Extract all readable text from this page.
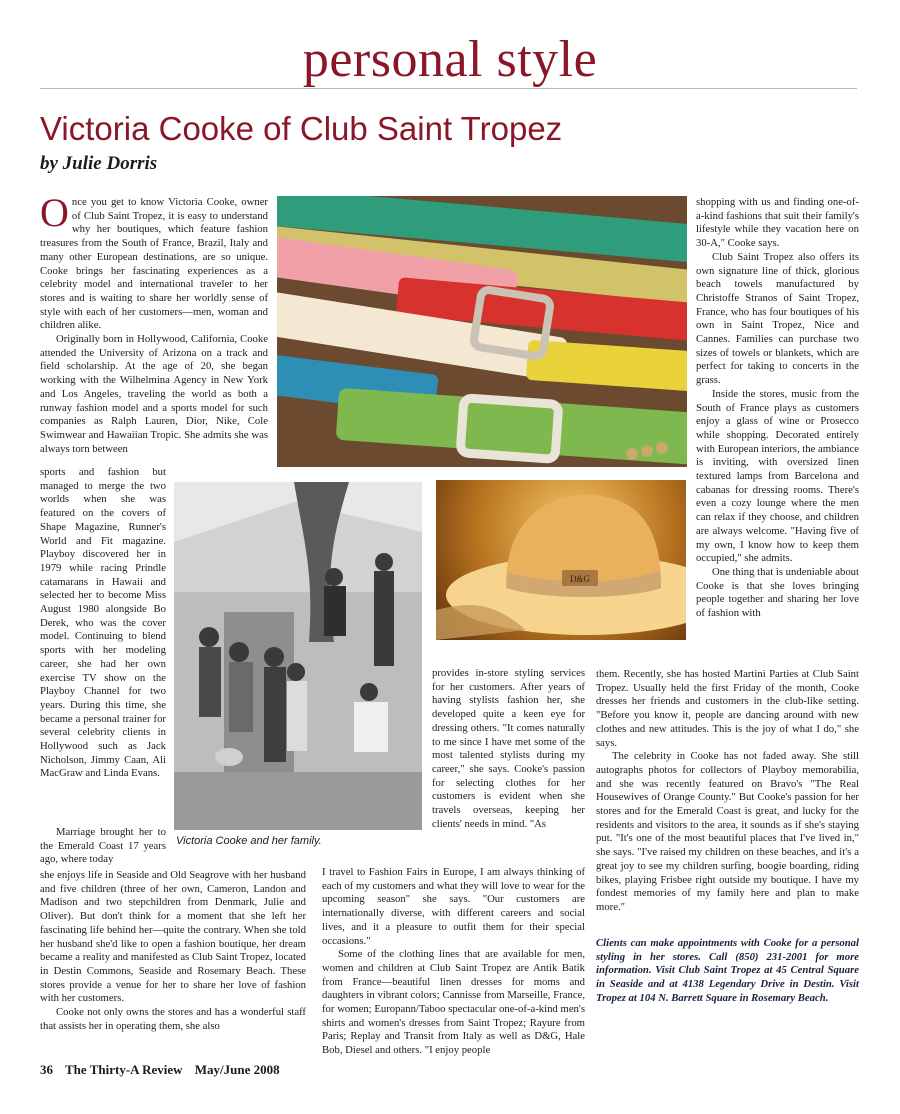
personal style
Victoria Cooke of Club Saint Tropez
by Julie Dorris

Once you get to know Victoria Cooke, owner of Club Saint Tropez, it is easy to understand why her boutiques, which feature fashion treasures from the South of France, Brazil, Italy and many other European destinations, are so unique. Cooke brings her fascinating experiences as a celebrity model and international traveler to her stores and is waiting to share her worldly sense of style with each of her customers—men, woman and children alike.

Originally born in Hollywood, California, Cooke attended the University of Arizona on a track and field scholarship. At the age of 20, she began working with the Wilhelmina Agency in New York and Los Angeles, traveling the world as both a runway fashion model and a sports model for such companies as Ralph Lauren, Dior, Nike, Cole Swimwear and Hawaiian Tropic. She admits she was always torn between

sports and fashion but managed to merge the two worlds when she was featured on the covers of Shape Magazine, Runner's World and Fit magazine. Playboy discovered her in 1979 while racing Prindle catamarans in Hawaii and selected her to become Miss August 1980 alongside Bo Derek, who was the cover model. Continuing to blend sports with her modeling career, she had her own exercise TV show on the Playboy Channel for two years. During this time, she became a personal trainer for several celebrity clients in Hollywood such as Jack Nicholson, Jimmy Caan, Ali MacGraw and Linda Evans.

Marriage brought her to the Emerald Coast 17 years ago, where today

she enjoys life in Seaside and Old Seagrove with her husband and five children (three of her own, Cameron, Landon and Madison and two stepchildren from Denmark, Julie and Oliver). But don't think for a moment that she left her fascinating life behind her—quite the contrary. When she told her husband she'd like to open a fashion boutique, her dream became a reality and manifested as Club Saint Tropez, located in Destin Commons, Seaside and Rosemary Beach. These stores provide a venue for her to share her love of fashion with her customers.

Cooke not only owns the stores and has a wonderful staff that assists her in operating them, she also

provides in-store styling services for her customers. After years of having stylists fashion her, she developed quite a keen eye for dressing others. "It comes naturally to me since I have met some of the most talented stylists during my career," she says. Cooke's passion for selecting clothes for her customers is evident when she travels overseas, keeping her clients' needs in mind. "As

I travel to Fashion Fairs in Europe, I am always thinking of each of my customers and what they will love to wear for the upcoming season" she says. "Our customers are internationally diverse, with different careers and social lives, and it a pleasure to outfit them for their special occasions."

Some of the clothing lines that are available for men, women and children at Club Saint Tropez are Antik Batik from France—beautiful linen dresses for moms and daughters in vibrant colors; Cannisse from Marseille, France, for women; Europann/Taboo spectacular one-of-a-kind men's shirts and women's dresses from Saint Tropez; Rayure from Paris; Replay and Transit from Italy as well as D&G, Hale Bob, Diesel and others. "I enjoy people

shopping with us and finding one-of-a-kind fashions that suit their family's lifestyle while they vacation here on 30-A," Cooke says.

Club Saint Tropez also offers its own signature line of thick, glorious beach towels manufactured by Christoffe Stranos of Saint Tropez, France, who has four boutiques of his own in Saint Tropez, Nice and Cannes. Families can purchase two sizes of towels or blankets, which are perfect for taking to concerts in the grass.

Inside the stores, music from the South of France plays as customers enjoy a glass of wine or Prosecco while shopping. Decorated entirely with European interiors, the ambiance is inviting, with oversized linen textured lamps from Barcelona and cabanas for dressing rooms. There's even a cozy lounge where the men can relax if they choose, and children are always welcome. "Having five of my own, I know how to keep them occupied," she admits.

One thing that is undeniable about Cooke is that she loves bringing people together and sharing her love of fashion with

them. Recently, she has hosted Martini Parties at Club Saint Tropez. Usually held the first Friday of the month, Cooke dresses her friends and customers in the club-like setting. "Before you know it, people are dancing around with new clothes and new attitudes. This is the joy of what I do," she says.

The celebrity in Cooke has not faded away. She still autographs photos for collectors of Playboy memorabilia, and she was recently featured on Bravo's "The Real Housewives of Orange County." But Cooke's passion for her stores and for the Emerald Coast is great, and lucky for the residents and visitors to the area, it sounds as if she's staying put. "It's one of the most beautiful places that I've lived in," she says. "I've raised my children on these beaches, and it's a great joy to see my children surfing, boogie boarding, riding bikes, playing Frisbee right outside my boutique. I have my fondest memories of my family here and plan to make more."

Clients can make appointments with Cooke for a personal styling in her stores. Call (850) 231-2001 for more information. Visit Club Saint Tropez at 45 Central Square in Seaside and at 4138 Legendary Drive in Destin. Visit Tropez at 104 N. Barrett Square in Rosemary Beach.
Victoria Cooke and her family.
D&G
36 The Thirty-A Review May/June 2008
